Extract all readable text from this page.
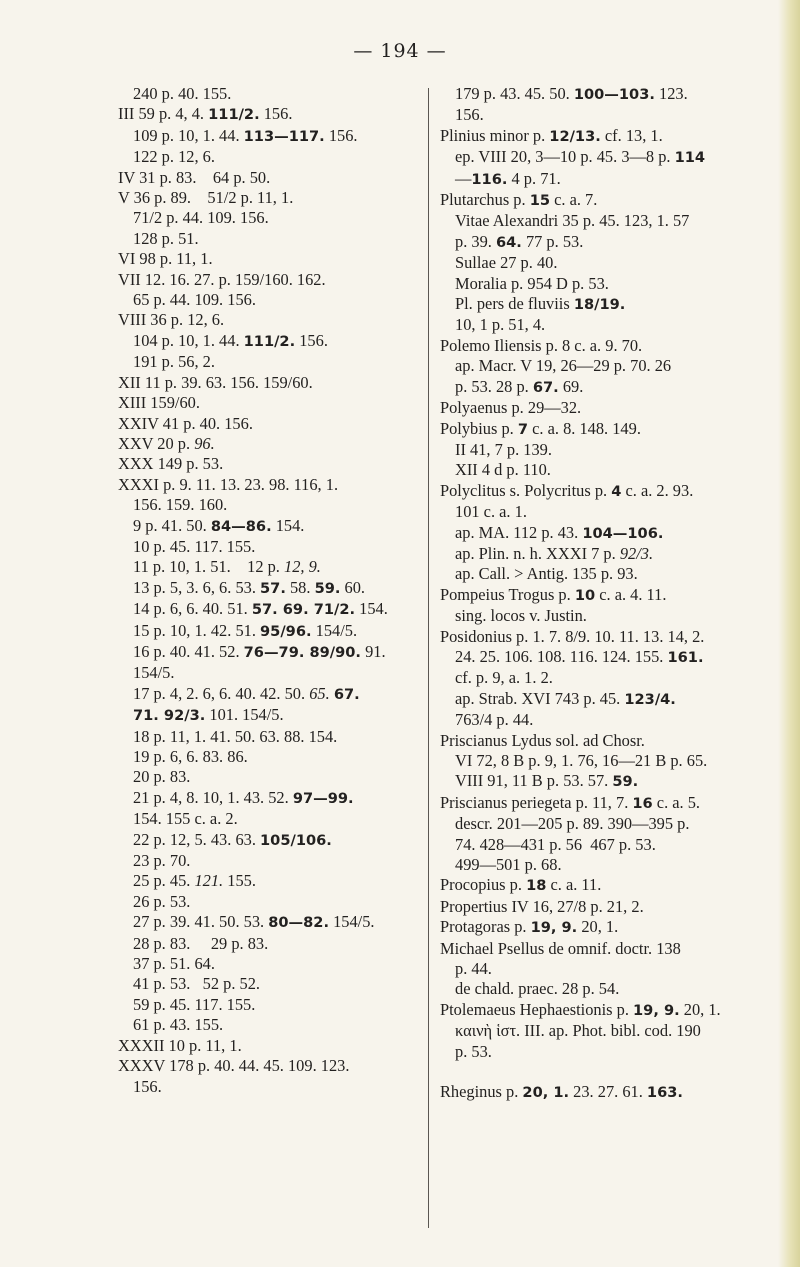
— 194 —
240 p. 40. 155.
III 59 p. 4, 4. 111/2. 156.
109 p. 10, 1. 44. 113—117. 156.
122 p. 12, 6.
IV 31 p. 83.    64 p. 50.
V 36 p. 89.    51/2 p. 11, 1.
71/2 p. 44. 109. 156.
128 p. 51.
VI 98 p. 11, 1.
VII 12. 16. 27. p. 159/160. 162.
65 p. 44. 109. 156.
VIII 36 p. 12, 6.
104 p. 10, 1. 44. 111/2. 156.
191 p. 56, 2.
XII 11 p. 39. 63. 156. 159/60.
XIII 159/60.
XXIV 41 p. 40. 156.
XXV 20 p. 96.
XXX 149 p. 53.
XXXI p. 9. 11. 13. 23. 98. 116, 1.
156. 159. 160.
9 p. 41. 50. 84—86. 154.
10 p. 45. 117. 155.
11 p. 10, 1. 51.    12 p. 12, 9.
13 p. 5, 3. 6, 6. 53. 57. 58. 59. 60.
14 p. 6, 6. 40. 51. 57. 69. 71/2. 154.
15 p. 10, 1. 42. 51. 95/96. 154/5.
16 p. 40. 41. 52. 76—79. 89/90. 91.
154/5.
17 p. 4, 2. 6, 6. 40. 42. 50. 65. 67.
71. 92/3. 101. 154/5.
18 p. 11, 1. 41. 50. 63. 88. 154.
19 p. 6, 6. 83. 86.
20 p. 83.
21 p. 4, 8. 10, 1. 43. 52. 97—99.
154. 155 c. a. 2.
22 p. 12, 5. 43. 63. 105/106.
23 p. 70.
25 p. 45. 121. 155.
26 p. 53.
27 p. 39. 41. 50. 53. 80—82. 154/5.
28 p. 83.     29 p. 83.
37 p. 51. 64.
41 p. 53.   52 p. 52.
59 p. 45. 117. 155.
61 p. 43. 155.
XXXII 10 p. 11, 1.
XXXV 178 p. 40. 44. 45. 109. 123.
156.
179 p. 43. 45. 50. 100—103. 123.
156.
Plinius minor p. 12/13. cf. 13, 1.
ep. VIII 20, 3—10 p. 45. 3—8 p. 114
—116. 4 p. 71.
Plutarchus p. 15 c. a. 7.
Vitae Alexandri 35 p. 45. 123, 1. 57
p. 39. 64. 77 p. 53.
Sullae 27 p. 40.
Moralia p. 954 D p. 53.
Pl. pers de fluviis 18/19.
10, 1 p. 51, 4.
Polemo Iliensis p. 8 c. a. 9. 70.
ap. Macr. V 19, 26—29 p. 70. 26
p. 53. 28 p. 67. 69.
Polyaenus p. 29—32.
Polybius p. 7 c. a. 8. 148. 149.
II 41, 7 p. 139.
XII 4 d p. 110.
Polyclitus s. Polycritus p. 4 c. a. 2. 93.
101 c. a. 1.
ap. MA. 112 p. 43. 104—106.
ap. Plin. n. h. XXXI 7 p. 92/3.
ap. Call. > Antig. 135 p. 93.
Pompeius Trogus p. 10 c. a. 4. 11.
sing. locos v. Justin.
Posidonius p. 1. 7. 8/9. 10. 11. 13. 14, 2.
24. 25. 106. 108. 116. 124. 155. 161.
cf. p. 9, a. 1. 2.
ap. Strab. XVI 743 p. 45. 123/4.
763/4 p. 44.
Priscianus Lydus sol. ad Chosr.
VI 72, 8 B p. 9, 1. 76, 16—21 B p. 65.
VIII 91, 11 B p. 53. 57. 59.
Priscianus periegeta p. 11, 7. 16 c. a. 5.
descr. 201—205 p. 89. 390—395 p.
74. 428—431 p. 56  467 p. 53.
499—501 p. 68.
Procopius p. 18 c. a. 11.
Propertius IV 16, 27/8 p. 21, 2.
Protagoras p. 19, 9. 20, 1.
Michael Psellus de omnif. doctr. 138
p. 44.
de chald. praec. 28 p. 54.
Ptolemaeus Hephaestionis p. 19, 9. 20, 1.
καινὴ ἱστ. III. ap. Phot. bibl. cod. 190
p. 53.
Rheginus p. 20, 1. 23. 27. 61. 163.
